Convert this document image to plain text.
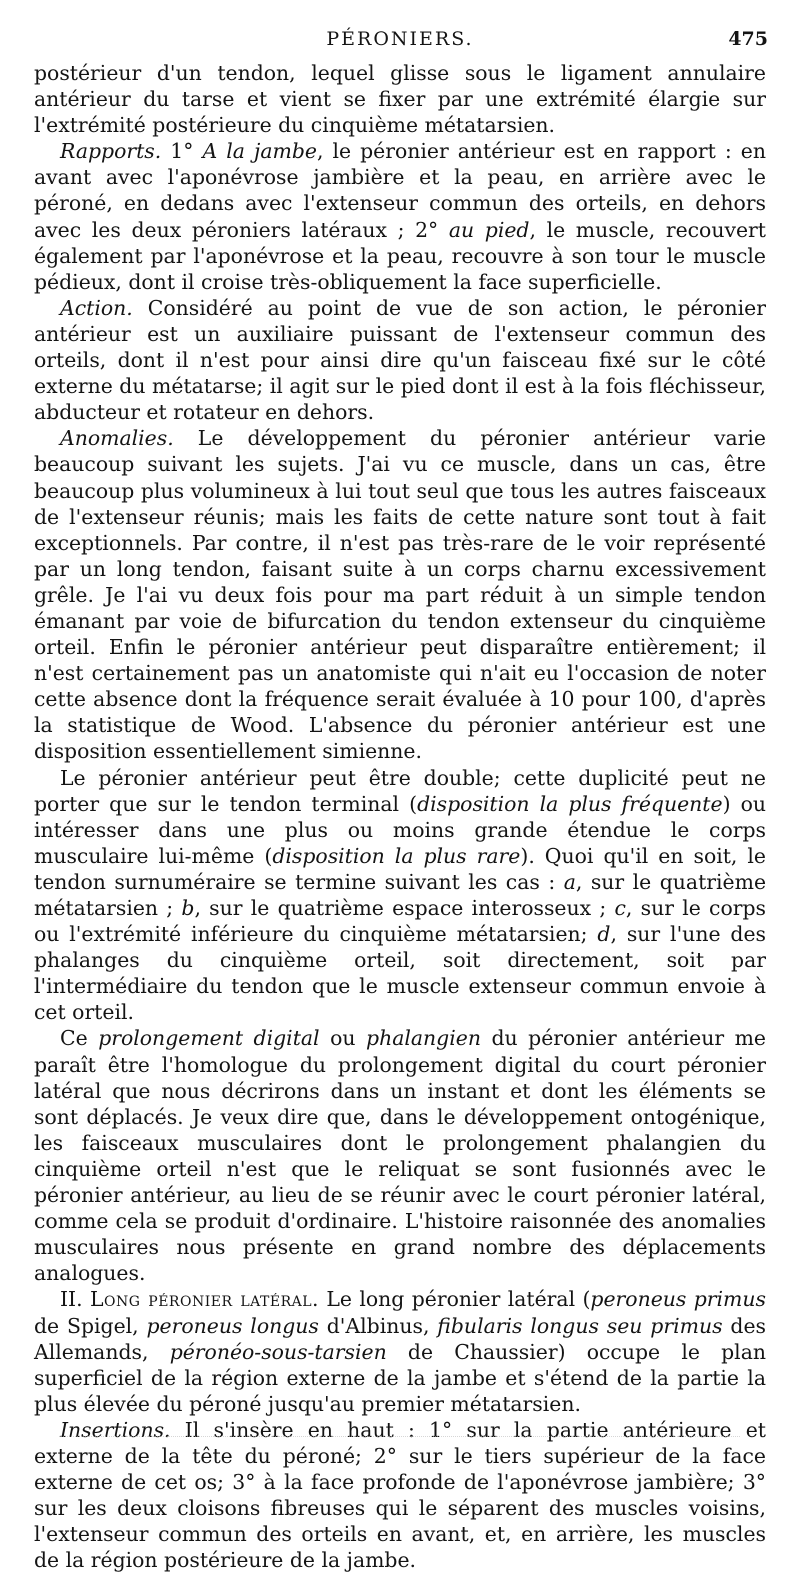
PÉRONIERS.	475

postérieur d'un tendon, lequel glisse sous le ligament annulaire antérieur du tarse et vient se fixer par une extrémité élargie sur l'extrémité postérieure du cinquième métatarsien.

Rapports. 1° A la jambe, le péronier antérieur est en rapport : en avant avec l'aponévrose jambière et la peau, en arrière avec le péroné, en dedans avec l'extenseur commun des orteils, en dehors avec les deux péroniers latéraux ; 2° au pied, le muscle, recouvert également par l'aponévrose et la peau, recouvre à son tour le muscle pédieux, dont il croise très-obliquement la face superficielle.

Action. Considéré au point de vue de son action, le péronier antérieur est un auxiliaire puissant de l'extenseur commun des orteils, dont il n'est pour ainsi dire qu'un faisceau fixé sur le côté externe du métatarse; il agit sur le pied dont il est à la fois fléchisseur, abducteur et rotateur en dehors.

Anomalies. Le développement du péronier antérieur varie beaucoup suivant les sujets. J'ai vu ce muscle, dans un cas, être beaucoup plus volumineux à lui tout seul que tous les autres faisceaux de l'extenseur réunis; mais les faits de cette nature sont tout à fait exceptionnels. Par contre, il n'est pas très-rare de le voir représenté par un long tendon, faisant suite à un corps charnu excessivement grêle. Je l'ai vu deux fois pour ma part réduit à un simple tendon émanant par voie de bifurcation du tendon extenseur du cinquième orteil. Enfin le péronier antérieur peut disparaître entièrement; il n'est certainement pas un anatomiste qui n'ait eu l'occasion de noter cette absence dont la fréquence serait évaluée à 10 pour 100, d'après la statistique de Wood. L'absence du péronier antérieur est une disposition essentiellement simienne.

Le péronier antérieur peut être double; cette duplicité peut ne porter que sur le tendon terminal (disposition la plus fréquente) ou intéresser dans une plus ou moins grande étendue le corps musculaire lui-même (disposition la plus rare). Quoi qu'il en soit, le tendon surnuméraire se termine suivant les cas : a, sur le quatrième métatarsien ; b, sur le quatrième espace interosseux ; c, sur le corps ou l'extrémité inférieure du cinquième métatarsien; d, sur l'une des phalanges du cinquième orteil, soit directement, soit par l'intermédiaire du tendon que le muscle extenseur commun envoie à cet orteil.

Ce prolongement digital ou phalangien du péronier antérieur me paraît être l'homologue du prolongement digital du court péronier latéral que nous décrirons dans un instant et dont les éléments se sont déplacés. Je veux dire que, dans le développement ontogénique, les faisceaux musculaires dont le prolongement phalangien du cinquième orteil n'est que le reliquat se sont fusionnés avec le péronier antérieur, au lieu de se réunir avec le court péronier latéral, comme cela se produit d'ordinaire. L'histoire raisonnée des anomalies musculaires nous présente en grand nombre des déplacements analogues.

II. Long péronier latéral. Le long péronier latéral (peroneus primus de Spigel, peroneus longus d'Albinus, fibularis longus seu primus des Allemands, péronéo-sous-tarsien de Chaussier) occupe le plan superficiel de la région externe de la jambe et s'étend de la partie la plus élevée du péroné jusqu'au premier métatarsien.

Insertions. Il s'insère en haut : 1° sur la partie antérieure et externe de la tête du péroné; 2° sur le tiers supérieur de la face externe de cet os; 3° à la face profonde de l'aponévrose jambière; 3° sur les deux cloisons fibreuses qui le séparent des muscles voisins, l'extenseur commun des orteils en avant, et, en arrière, les muscles de la région postérieure de la jambe.
